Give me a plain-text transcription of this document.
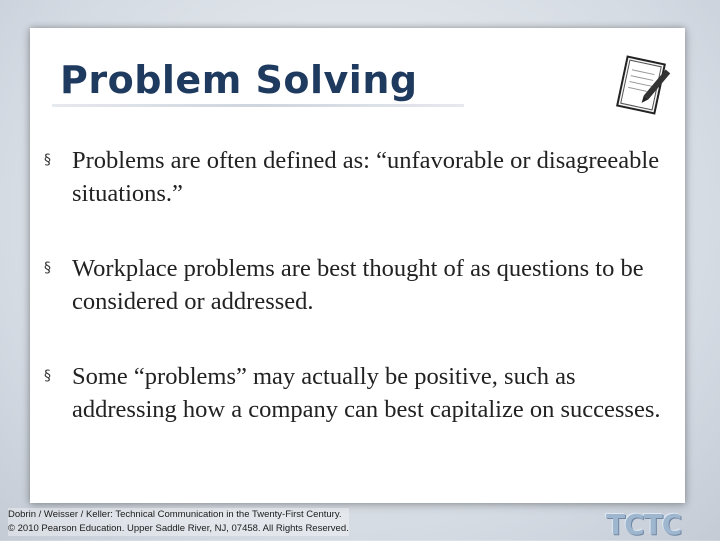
Problem Solving
§ Problems are often defined as: “unfavorable or disagreeable situations.”
§ Workplace problems are best thought of as questions to be considered or addressed.
§ Some “problems” may actually be positive, such as addressing how a company can best capitalize on successes.
Dobrin / Weisser / Keller: Technical Communication in the Twenty-First Century.
© 2010 Pearson Education. Upper Saddle River, NJ, 07458. All Rights Reserved.	TCTC
